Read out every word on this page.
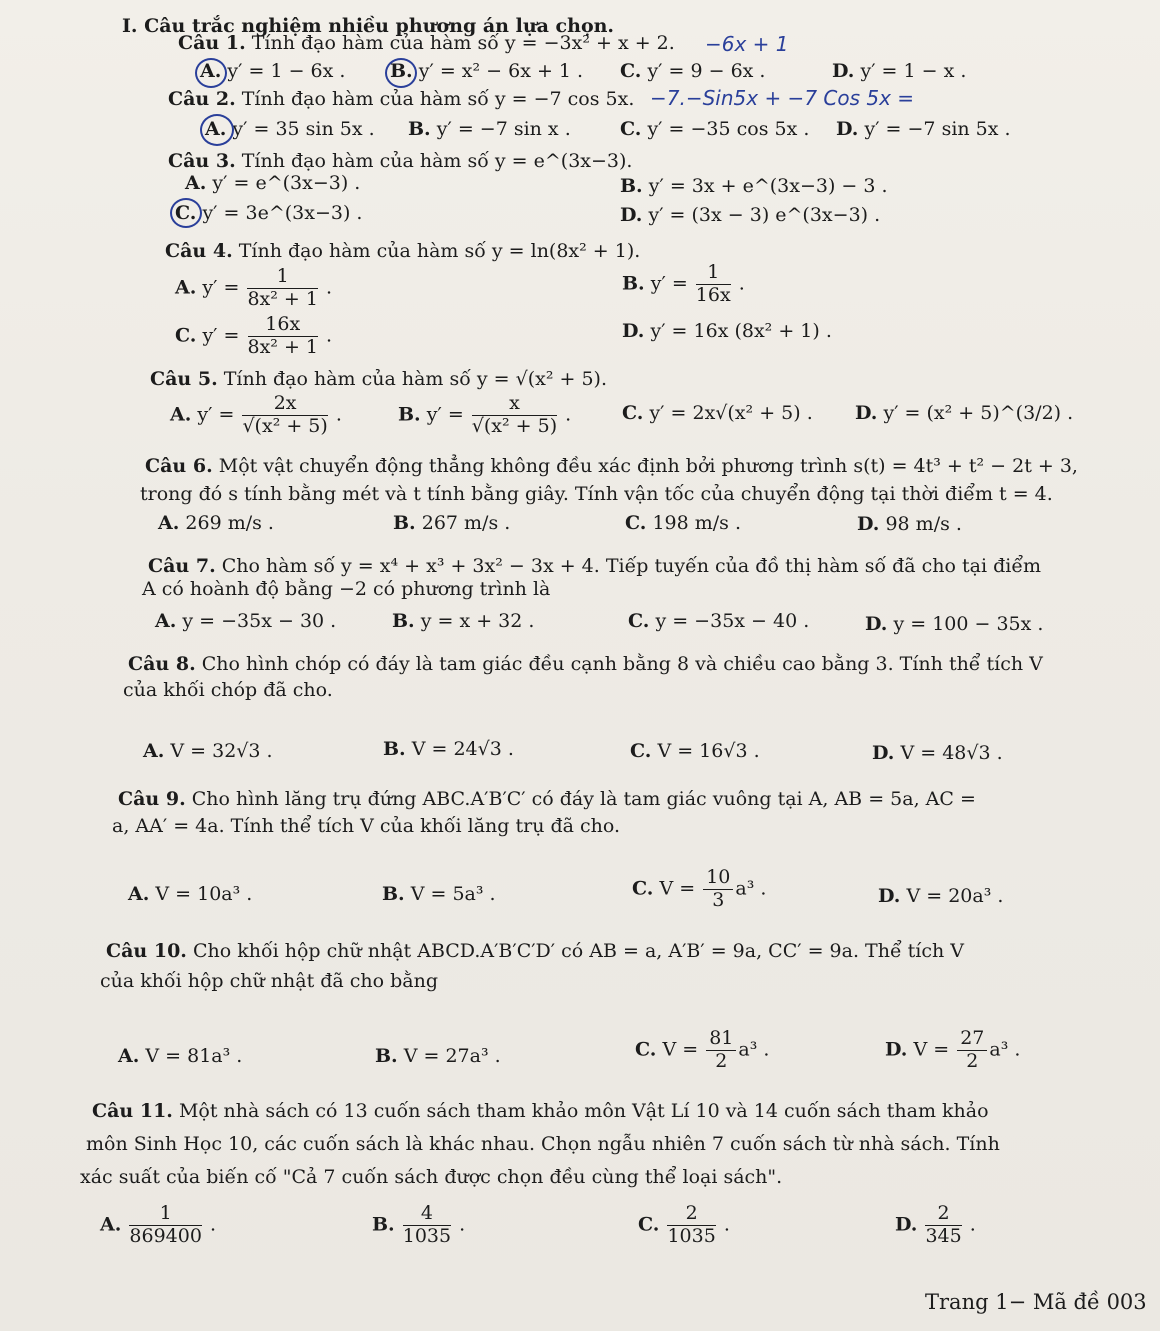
I. Câu trắc nghiệm nhiều phương án lựa chọn.
Câu 1. Tính đạo hàm của hàm số y = −3x² + x + 2. −6x + 1
A. y′ = 1 − 6x . B. y′ = x² − 6x + 1 . C. y′ = 9 − 6x .	D. y′ = 1 − x .
Câu 2. Tính đạo hàm của hàm số y = −7 cos 5x. −7.−Sin5x + −7 Cos 5x =
A. y′ = 35 sin 5x . B. y′ = −7 sin x .	C. y′ = −35 cos 5x . D. y′ = −7 sin 5x .
Câu 3. Tính đạo hàm của hàm số y = e^(3x−3).
A. y′ = e^(3x−3) .	B. y′ = 3x + e^(3x−3) − 3 .
C. y′ = 3e^(3x−3) .	D. y′ = (3x − 3) e^(3x−3) .
Câu 4. Tính đạo hàm của hàm số y = ln(8x² + 1).
A. $y' = \frac{1}{\text{8x² + 1}}$ .	B. $y' = \frac{1}{16x}$ .
C. $y' = \frac{16x}{\text{8x² + 1}}$ .	D. y′ = 16x (8x² + 1) .
Câu 5. Tính đạo hàm của hàm số y = √(x² + 5).
A. $y' = \frac{2x}{\text{√(x² + 5)}}$ .	B. $y' = \frac{x}{\text{√(x² + 5)}}$ .	C. y′ = 2x√(x² + 5) . D. y′ = (x² + 5)^(3/2) .
Câu 6. Một vật chuyển động thẳng không đều xác định bởi phương trình s(t) = 4t³ + t² − 2t + 3,
trong đó s tính bằng mét và t tính bằng giây. Tính vận tốc của chuyển động tại thời điểm t = 4.
A. 269 m/s .	B. 267 m/s .	C. 198 m/s .	D. 98 m/s .
Câu 7. Cho hàm số y = x⁴ + x³ + 3x² − 3x + 4. Tiếp tuyến của đồ thị hàm số đã cho tại điểm
A có hoành độ bằng −2 có phương trình là
A. y = −35x − 30 .	B. y = x + 32 .	C. y = −35x − 40 .	D. y = 100 − 35x .
Câu 8. Cho hình chóp có đáy là tam giác đều cạnh bằng 8 và chiều cao bằng 3. Tính thể tích V
của khối chóp đã cho.
A. V = 32√3 .	B. V = 24√3 .	C. V = 16√3 .	D. V = 48√3 .
Câu 9. Cho hình lăng trụ đứng ABC.A′B′C′ có đáy là tam giác vuông tại A, AB = 5a, AC =
a, AA′ = 4a. Tính thể tích V của khối lăng trụ đã cho.
A. V = 10a³ .	B. V = 5a³ .	C. $V = \frac{10}{3} a^3$ .	D. V = 20a³ .
Câu 10. Cho khối hộp chữ nhật ABCD.A′B′C′D′ có AB = a, A′B′ = 9a, CC′ = 9a. Thể tích V
của khối hộp chữ nhật đã cho bằng
A. V = 81a³ .	B. V = 27a³ .	C. $V = \frac{81}{2} a^3$ .	D. $V = \frac{27}{2} a^3$ .
Câu 11. Một nhà sách có 13 cuốn sách tham khảo môn Vật Lí 10 và 14 cuốn sách tham khảo
môn Sinh Học 10, các cuốn sách là khác nhau. Chọn ngẫu nhiên 7 cuốn sách từ nhà sách. Tính
xác suất của biến cố "Cả 7 cuốn sách được chọn đều cùng thể loại sách".
A. $\frac{1}{869400}$ .	B. $\frac{4}{1035}$ .	C. $\frac{2}{1035}$ .	D. $\frac{2}{345}$ .
Trang 1− Mã đề 003
